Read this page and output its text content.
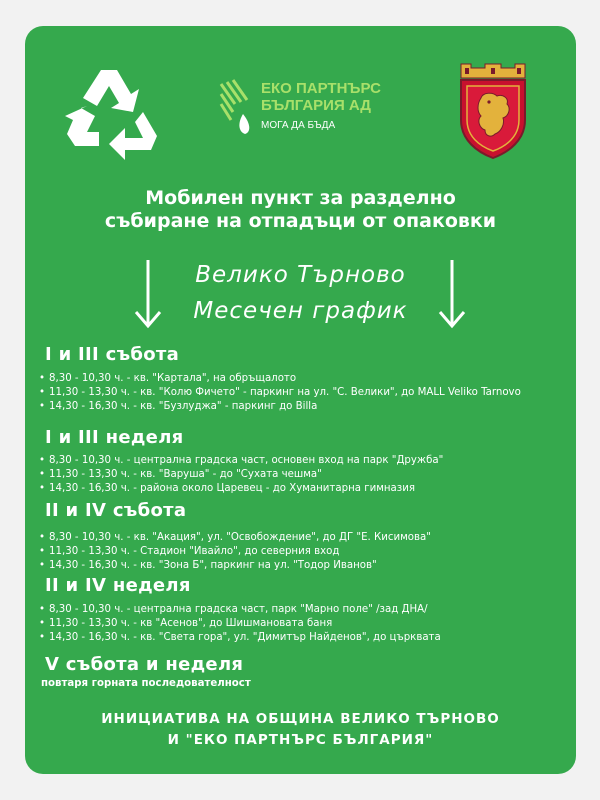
ЕКО ПАРТНЪРС
БЪЛГАРИЯ АД
МОГА ДА БЪДА
Мобилен пункт за разделно
събиране на отпадъци от опаковки
Велико Търново
Месечен график
I и III събота
• 8,30 - 10,30 ч. - кв. "Картала", на обръщалото
• 11,30 - 13,30 ч. - кв. "Колю Фичето" - паркинг на ул. "С. Велики", до MALL Veliko Tarnovo
• 14,30 - 16,30 ч. - кв. "Бузлуджа" - паркинг до Billa
I и III неделя
• 8,30 - 10,30 ч. - централна градска част, основен вход на парк "Дружба"
• 11,30 - 13,30 ч. - кв. "Варуша" - до "Сухата чешма"
• 14,30 - 16,30 ч. - района около Царевец - до Хуманитарна гимназия
II и IV събота
• 8,30 - 10,30 ч. - кв. "Акация", ул. "Освобождение", до ДГ "Е. Кисимова"
• 11,30 - 13,30 ч. - Стадион "Ивайло", до северния вход
• 14,30 - 16,30 ч. - кв. "Зона Б", паркинг на ул. "Тодор Иванов"
II и IV неделя
• 8,30 - 10,30 ч. - централна градска част, парк "Марно поле" /зад ДНА/
• 11,30 - 13,30 ч. - кв "Асенов", до Шишмановата баня
• 14,30 - 16,30 ч. - кв. "Света гора", ул. "Димитър Найденов", до църквата
V събота и неделя
повтаря горната последователност
ИНИЦИАТИВА НА ОБЩИНА ВЕЛИКО ТЪРНОВО
И "ЕКО ПАРТНЪРС БЪЛГАРИЯ"
